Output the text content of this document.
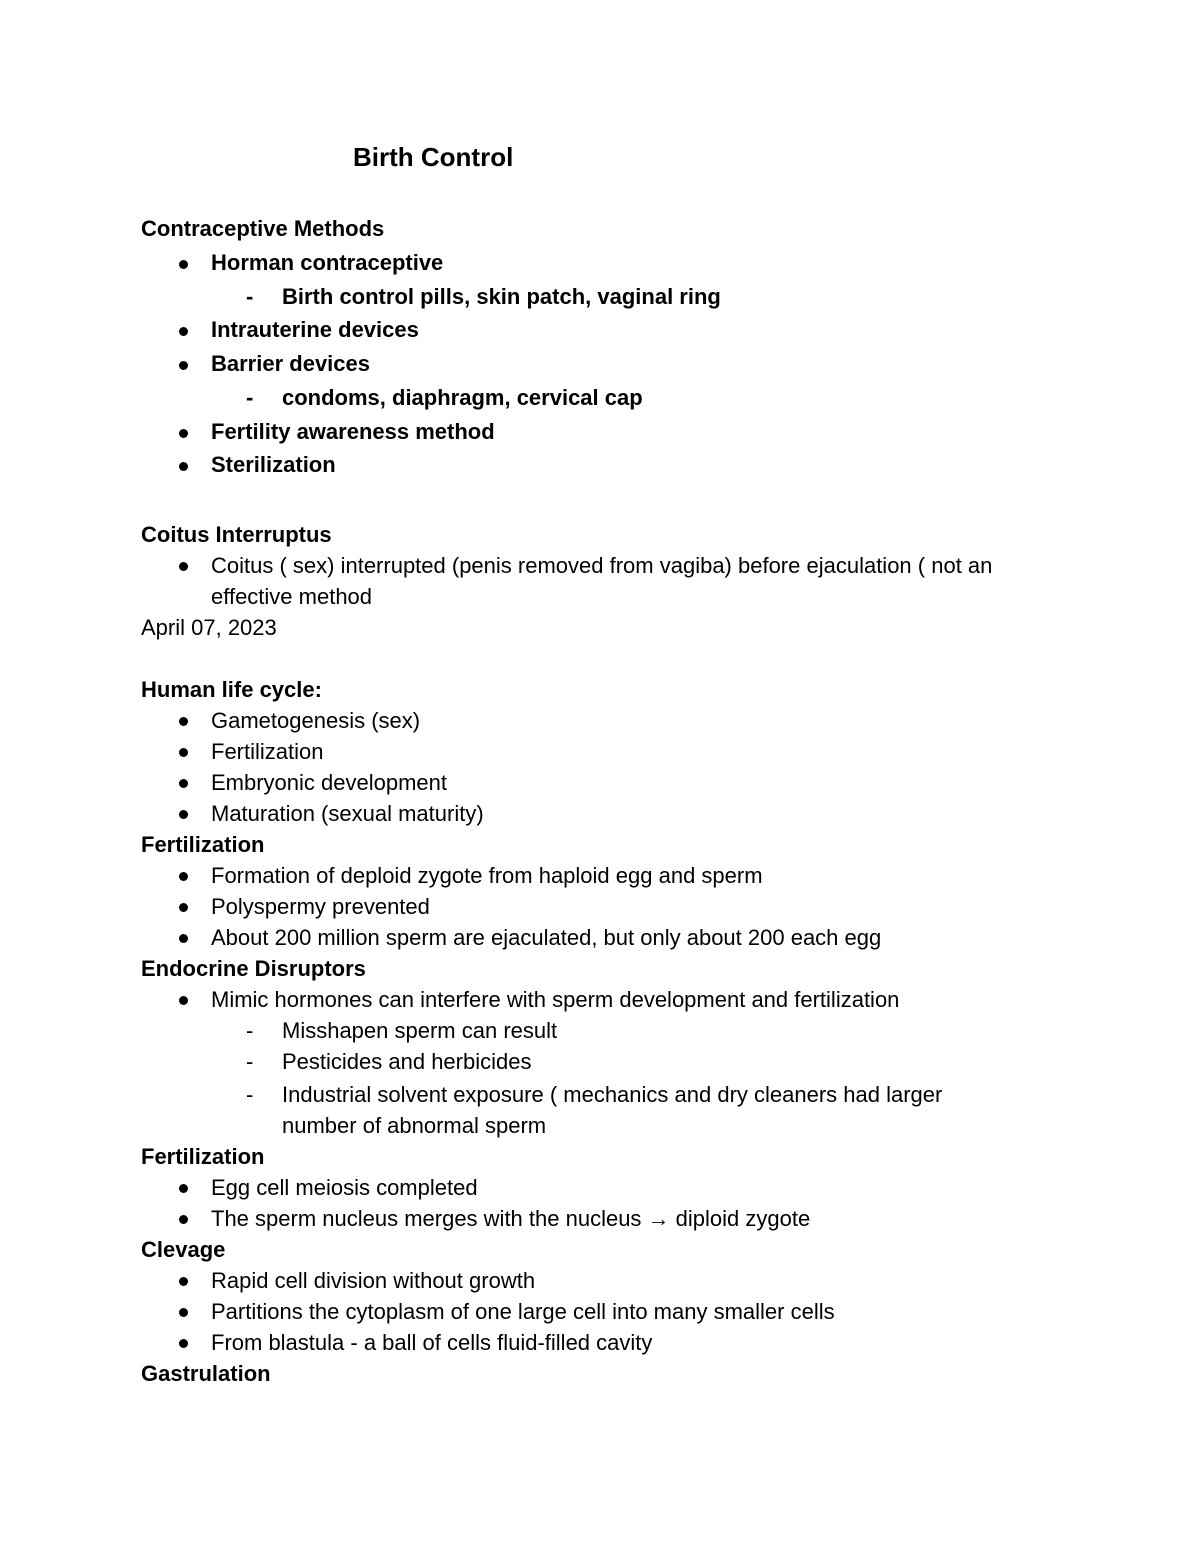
Birth Control
Contraceptive Methods
Horman contraceptive
- Birth control pills, skin patch, vaginal ring
Intrauterine devices
Barrier devices
- condoms, diaphragm, cervical cap
Fertility awareness method
Sterilization
Coitus Interruptus
Coitus ( sex) interrupted (penis removed from vagiba) before ejaculation ( not an
effective method
April 07, 2023
Human life cycle:
Gametogenesis (sex)
Fertilization
Embryonic development
Maturation (sexual maturity)
Fertilization
Formation of deploid zygote from haploid egg and sperm
Polyspermy prevented
About 200 million sperm are ejaculated, but only about 200 each egg
Endocrine Disruptors
Mimic hormones can interfere with sperm development and fertilization
- Misshapen sperm can result
- Pesticides and herbicides
- Industrial solvent exposure ( mechanics and dry cleaners had larger
number of abnormal sperm
Fertilization
Egg cell meiosis completed
The sperm nucleus merges with the nucleus → diploid zygote
Clevage
Rapid cell division without growth
Partitions the cytoplasm of one large cell into many smaller cells
From blastula - a ball of cells fluid-filled cavity
Gastrulation
